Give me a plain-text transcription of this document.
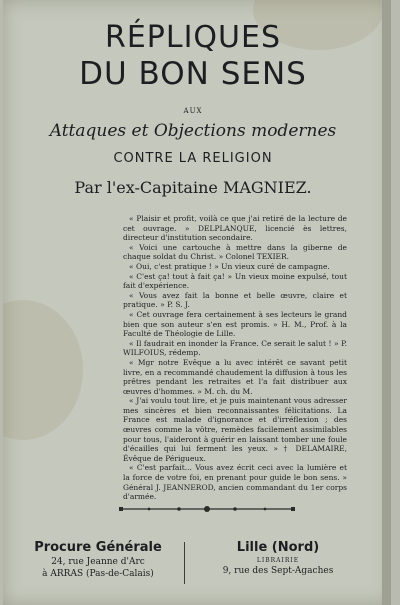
RÉPLIQUES
DU BON SENS
AUX
Attaques et Objections modernes
CONTRE LA RELIGION
Par l'ex-Capitaine MAGNIEZ.

« Plaisir et profit, voilà ce que j'ai retiré de la lecture de cet ouvrage. » DELPLANQUE, licencié ès lettres, directeur d'institution secondaire.

« Voici une cartouche à mettre dans la giberne de chaque soldat du Christ. » Colonel TEXIER.

« Oui, c'est pratique ! » Un vieux curé de campagne.

« C'est ça! tout à fait ça! » Un vieux moine expulsé, tout fait d'expérience.

« Vous avez fait la bonne et belle œuvre, claire et pratique. » P. S. J.

« Cet ouvrage fera certainement à ses lecteurs le grand bien que son auteur s'en est promis. » H. M., Prof. à la Faculté de Théologie de Lille.

« Il faudrait en inonder la France. Ce serait le salut ! » P. WILFOIUS, rédemp.

« Mgr notre Evêque a lu avec intérêt ce savant petit livre, en a recommandé chaudement la diffusion à tous les prêtres pendant les retraites et l'a fait distribuer aux œuvres d'hommes. » M. ch. du M.

« J'ai voulu tout lire, et je puis maintenant vous adresser mes sincères et bien reconnaissantes félicitations. La France est malade d'ignorance et d'irréflexion ; des œuvres comme la vôtre, remèdes facilement assimilables pour tous, l'aideront à guérir en laissant tomber une foule d'écailles qui lui ferment les yeux. » † DELAMAIRE, Évêque de Périgueux.

« C'est parfait... Vous avez écrit ceci avec la lumière et la force de votre foi, en prenant pour guide le bon sens. » Général J. JEANNEROD, ancien commandant du 1er corps d'armée.

Procure Générale
24, rue Jeanne d'Arc
à ARRAS (Pas-de-Calais)
Lille (Nord)
LIBRAIRIE
9, rue des Sept-Agaches
